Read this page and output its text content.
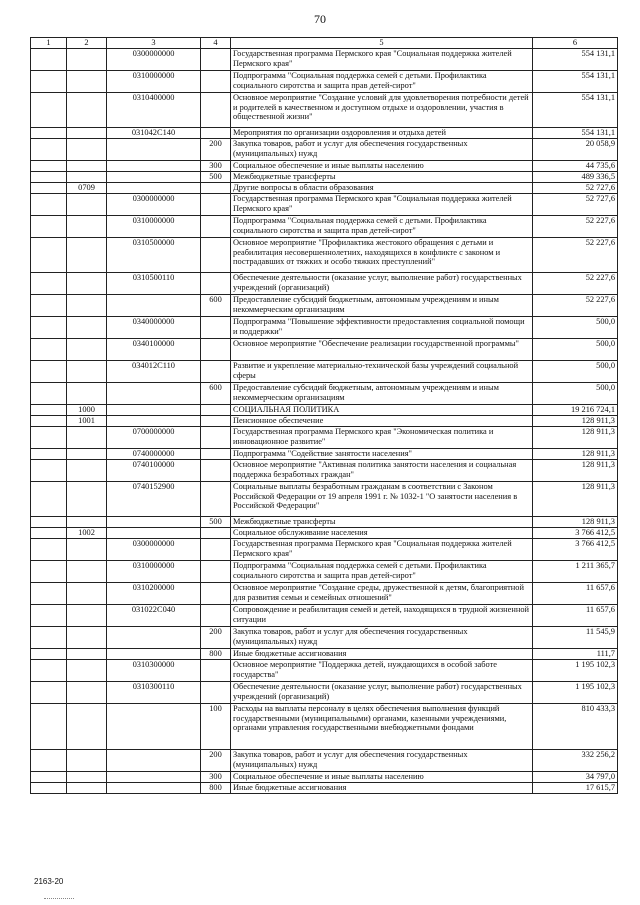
70
1	2	3	4	5	6
		0300000000		Государственная программа Пермского края "Социальная поддержка жителей Пермского края"	554 131,1
		0310000000		Подпрограмма "Социальная поддержка семей с детьми. Профилактика социального сиротства и защита прав детей-сирот"	554 131,1
		0310400000		Основное мероприятие "Создание условий для удовлетворения потребности детей и родителей в качественном и доступном отдыхе и оздоровлении, участия в общественной жизни"	554 131,1
		031042С140		Мероприятия по организации оздоровления и отдыха детей	554 131,1
			200	Закупка товаров, работ и услуг для обеспечения государственных (муниципальных) нужд	20 058,9
			300	Социальное обеспечение и иные выплаты населению	44 735,6
			500	Межбюджетные трансферты	489 336,5
	0709			Другие вопросы в области образования	52 727,6
		0300000000		Государственная программа Пермского края "Социальная поддержка жителей Пермского края"	52 727,6
		0310000000		Подпрограмма "Социальная поддержка семей с детьми. Профилактика социального сиротства и защита прав детей-сирот"	52 227,6
		0310500000		Основное мероприятие "Профилактика жестокого обращения с детьми и реабилитация несовершеннолетних, находящихся в конфликте с законом и пострадавших от тяжких и особо тяжких преступлений"	52 227,6
		0310500110		Обеспечение деятельности (оказание услуг, выполнение работ) государственных учреждений (организаций)	52 227,6
			600	Предоставление субсидий бюджетным, автономным учреждениям и иным некоммерческим организациям	52 227,6
		0340000000		Подпрограмма "Повышение эффективности предоставления социальной помощи и поддержки"	500,0
		0340100000		Основное мероприятие "Обеспечение реализации государственной программы"	500,0
		034012С110		Развитие и укрепление материально-технической базы учреждений социальной сферы	500,0
			600	Предоставление субсидий бюджетным, автономным учреждениям и иным некоммерческим организациям	500,0
	1000			СОЦИАЛЬНАЯ ПОЛИТИКА	19 216 724,1
	1001			Пенсионное обеспечение	128 911,3
		0700000000		Государственная программа Пермского края "Экономическая политика и инновационное развитие"	128 911,3
		0740000000		Подпрограмма "Содействие занятости населения"	128 911,3
		0740100000		Основное мероприятие "Активная политика занятости населения и социальная поддержка безработных граждан"	128 911,3
		0740152900		Социальные выплаты безработным гражданам в соответствии с Законом Российской Федерации от 19 апреля 1991 г. № 1032-1 "О занятости населения в Российской Федерации"	128 911,3
			500	Межбюджетные трансферты	128 911,3
	1002			Социальное обслуживание населения	3 766 412,5
		0300000000		Государственная программа Пермского края "Социальная поддержка жителей Пермского края"	3 766 412,5
		0310000000		Подпрограмма "Социальная поддержка семей с детьми. Профилактика социального сиротства и защита прав детей-сирот"	1 211 365,7
		0310200000		Основное мероприятие "Создание среды, дружественной к детям, благоприятной для развития семьи и семейных отношений"	11 657,6
		031022С040		Сопровождение и реабилитация семей и детей, находящихся в трудной жизненной ситуации	11 657,6
			200	Закупка товаров, работ и услуг для обеспечения государственных (муниципальных) нужд	11 545,9
			800	Иные бюджетные ассигнования	111,7
		0310300000		Основное мероприятие "Поддержка детей, нуждающихся в особой заботе государства"	1 195 102,3
		0310300110		Обеспечение деятельности (оказание услуг, выполнение работ) государственных учреждений (организаций)	1 195 102,3
			100	Расходы на выплаты персоналу в целях обеспечения выполнения функций государственными (муниципальными) органами, казенными учреждениями, органами управления государственными внебюджетными фондами	810 433,3
			200	Закупка товаров, работ и услуг для обеспечения государственных (муниципальных) нужд	332 256,2
			300	Социальное обеспечение и иные выплаты населению	34 797,0
			800	Иные бюджетные ассигнования	17 615,7
2163-20
